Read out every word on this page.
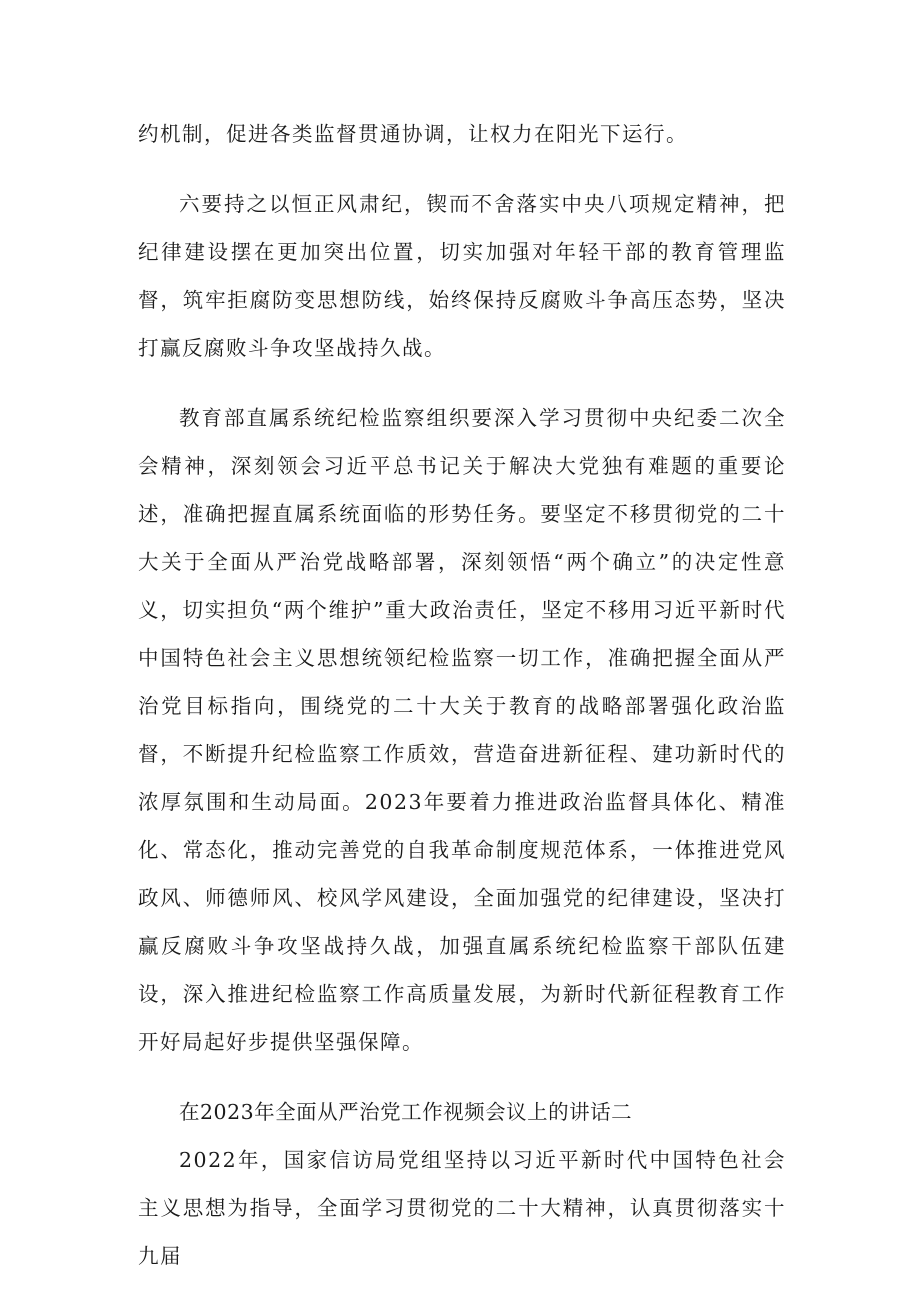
约机制，促进各类监督贯通协调，让权力在阳光下运行。

六要持之以恒正风肃纪，锲而不舍落实中央八项规定精神，把纪律建设摆在更加突出位置，切实加强对年轻干部的教育管理监督，筑牢拒腐防变思想防线，始终保持反腐败斗争高压态势，坚决打赢反腐败斗争攻坚战持久战。

教育部直属系统纪检监察组织要深入学习贯彻中央纪委二次全会精神，深刻领会习近平总书记关于解决大党独有难题的重要论述，准确把握直属系统面临的形势任务。要坚定不移贯彻党的二十大关于全面从严治党战略部署，深刻领悟“两个确立”的决定性意义，切实担负“两个维护”重大政治责任，坚定不移用习近平新时代中国特色社会主义思想统领纪检监察一切工作，准确把握全面从严治党目标指向，围绕党的二十大关于教育的战略部署强化政治监督，不断提升纪检监察工作质效，营造奋进新征程、建功新时代的浓厚氛围和生动局面。2023年要着力推进政治监督具体化、精准化、常态化，推动完善党的自我革命制度规范体系，一体推进党风政风、师德师风、校风学风建设，全面加强党的纪律建设，坚决打赢反腐败斗争攻坚战持久战，加强直属系统纪检监察干部队伍建设，深入推进纪检监察工作高质量发展，为新时代新征程教育工作开好局起好步提供坚强保障。

在2023年全面从严治党工作视频会议上的讲话二

2022年，国家信访局党组坚持以习近平新时代中国特色社会主义思想为指导，全面学习贯彻党的二十大精神，认真贯彻落实十九届
